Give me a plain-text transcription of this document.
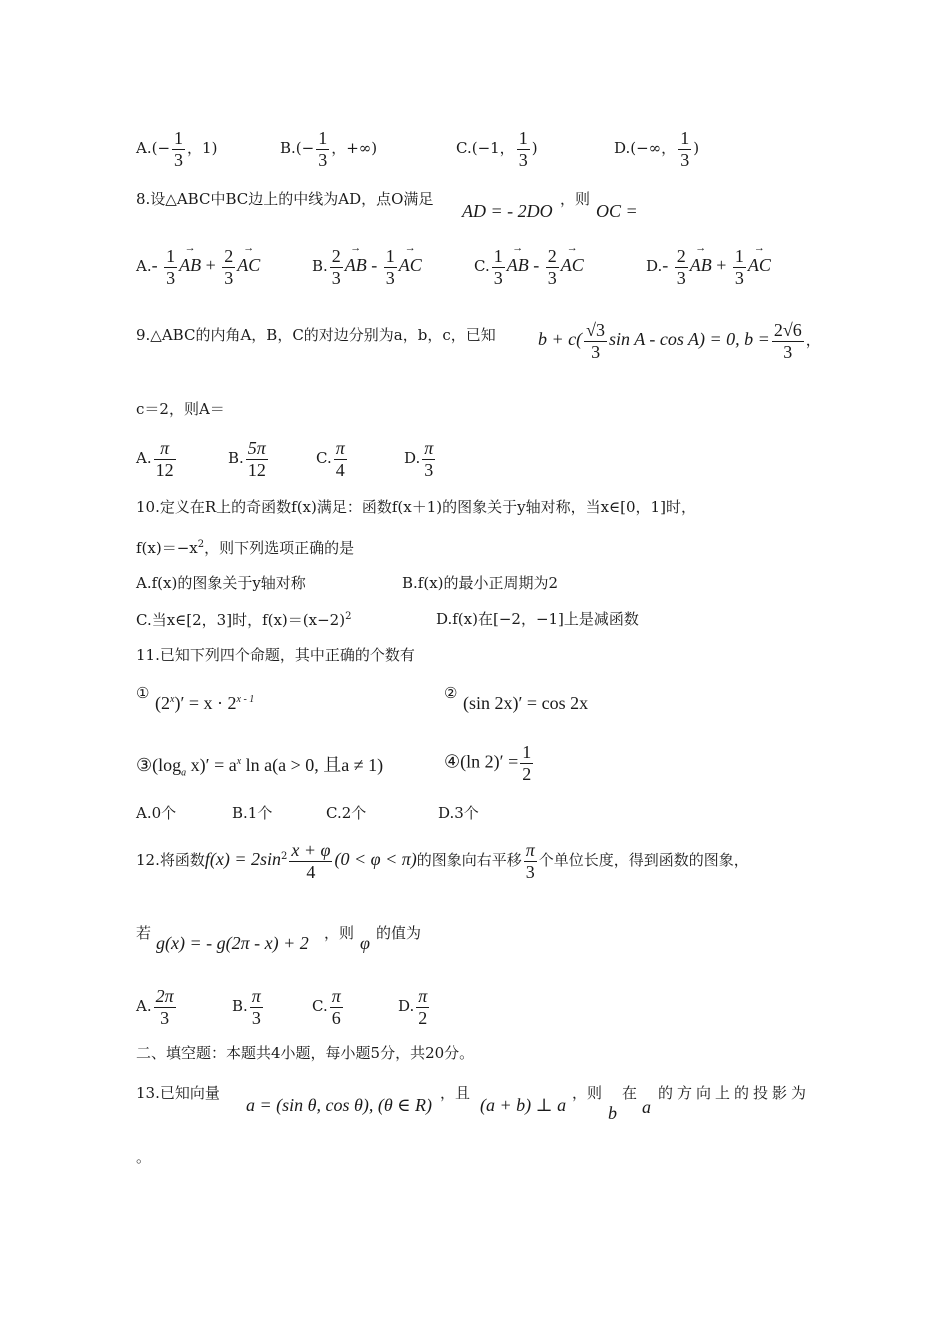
$A.(- \frac{1}{3}$ ，1)	$B.(- \frac{1}{3}$ ，+∞)	C.(−1， $\frac{1}{3}$ )	D.(−∞， $\frac{1}{3}$ )
8.设△ABC中BC边上的中线为AD，点O满足
AD = - 2DO
，则
OC =
$A.- \frac{1}{3}$ → AB + $\frac{2}{3}$ → AC	B. $\frac{2}{3}$ → AB - $\frac{1}{3}$ → AC	C. $\frac{1}{3}$ → AB - $\frac{2}{3}$ → AC	$D.- \frac{2}{3}$ → AB + $\frac{1}{3}$ → AC
9.△ABC的内角A，B，C的对边分别为a，b，c，已知 $b + c( \frac{√3}{3}$ sin A - cos A) = 0, $b = \frac{2√6}{3}$ ，
c＝2，则A＝
A. $\frac{\pi}{12}$	B. $\frac{5\pi}{12}$	C. $\frac{\pi}{4}$	D. $\frac{\pi}{3}$
10.定义在R上的奇函数f(x)满足：函数f(x＋1)的图象关于y轴对称，当x∈[0，1]时，
$f(x)=-x^2$，则下列选项正确的是
A.f(x)的图象关于y轴对称	B.f(x)的最小正周期为2
C.当x∈[2，3]时，$f(x)=(x-2)^2$	D.f(x)在[−2，−1]上是减函数
11.已知下列四个命题，其中正确的个数有
① $(2^x)' = x \cdot 2^{x - 1}$	② (sin 2x)′ = cos 2x
$③(\log_a$ $x)' = a^x$ ln a(a > 0, 且a ≠ 1)	④(ln $2)' = \frac{1}{2}$
A.0个	B.1个	C.2个	D.3个
12.将函数$f(x) = 2\sin^2 \frac{x + \varphi}{4} (0 < \varphi < \pi)$的图象向右平移 $\frac{\pi}{3}$ 个单位长度，得到函数的图象，
若 g(x) = - g(2π - x) + 2 ，则 φ 的值为
A. $\frac{2\pi}{3}$	B. $\frac{\pi}{3}$	C. $\frac{\pi}{6}$	D. $\frac{\pi}{2}$
二、填空题：本题共4小题，每小题5分，共20分。
13.已知向量
a = (sin θ, cos θ), (θ ∈ R)
，且
(a + b) ⊥ a
，则
b
在
a
的方向上的投影为
。
